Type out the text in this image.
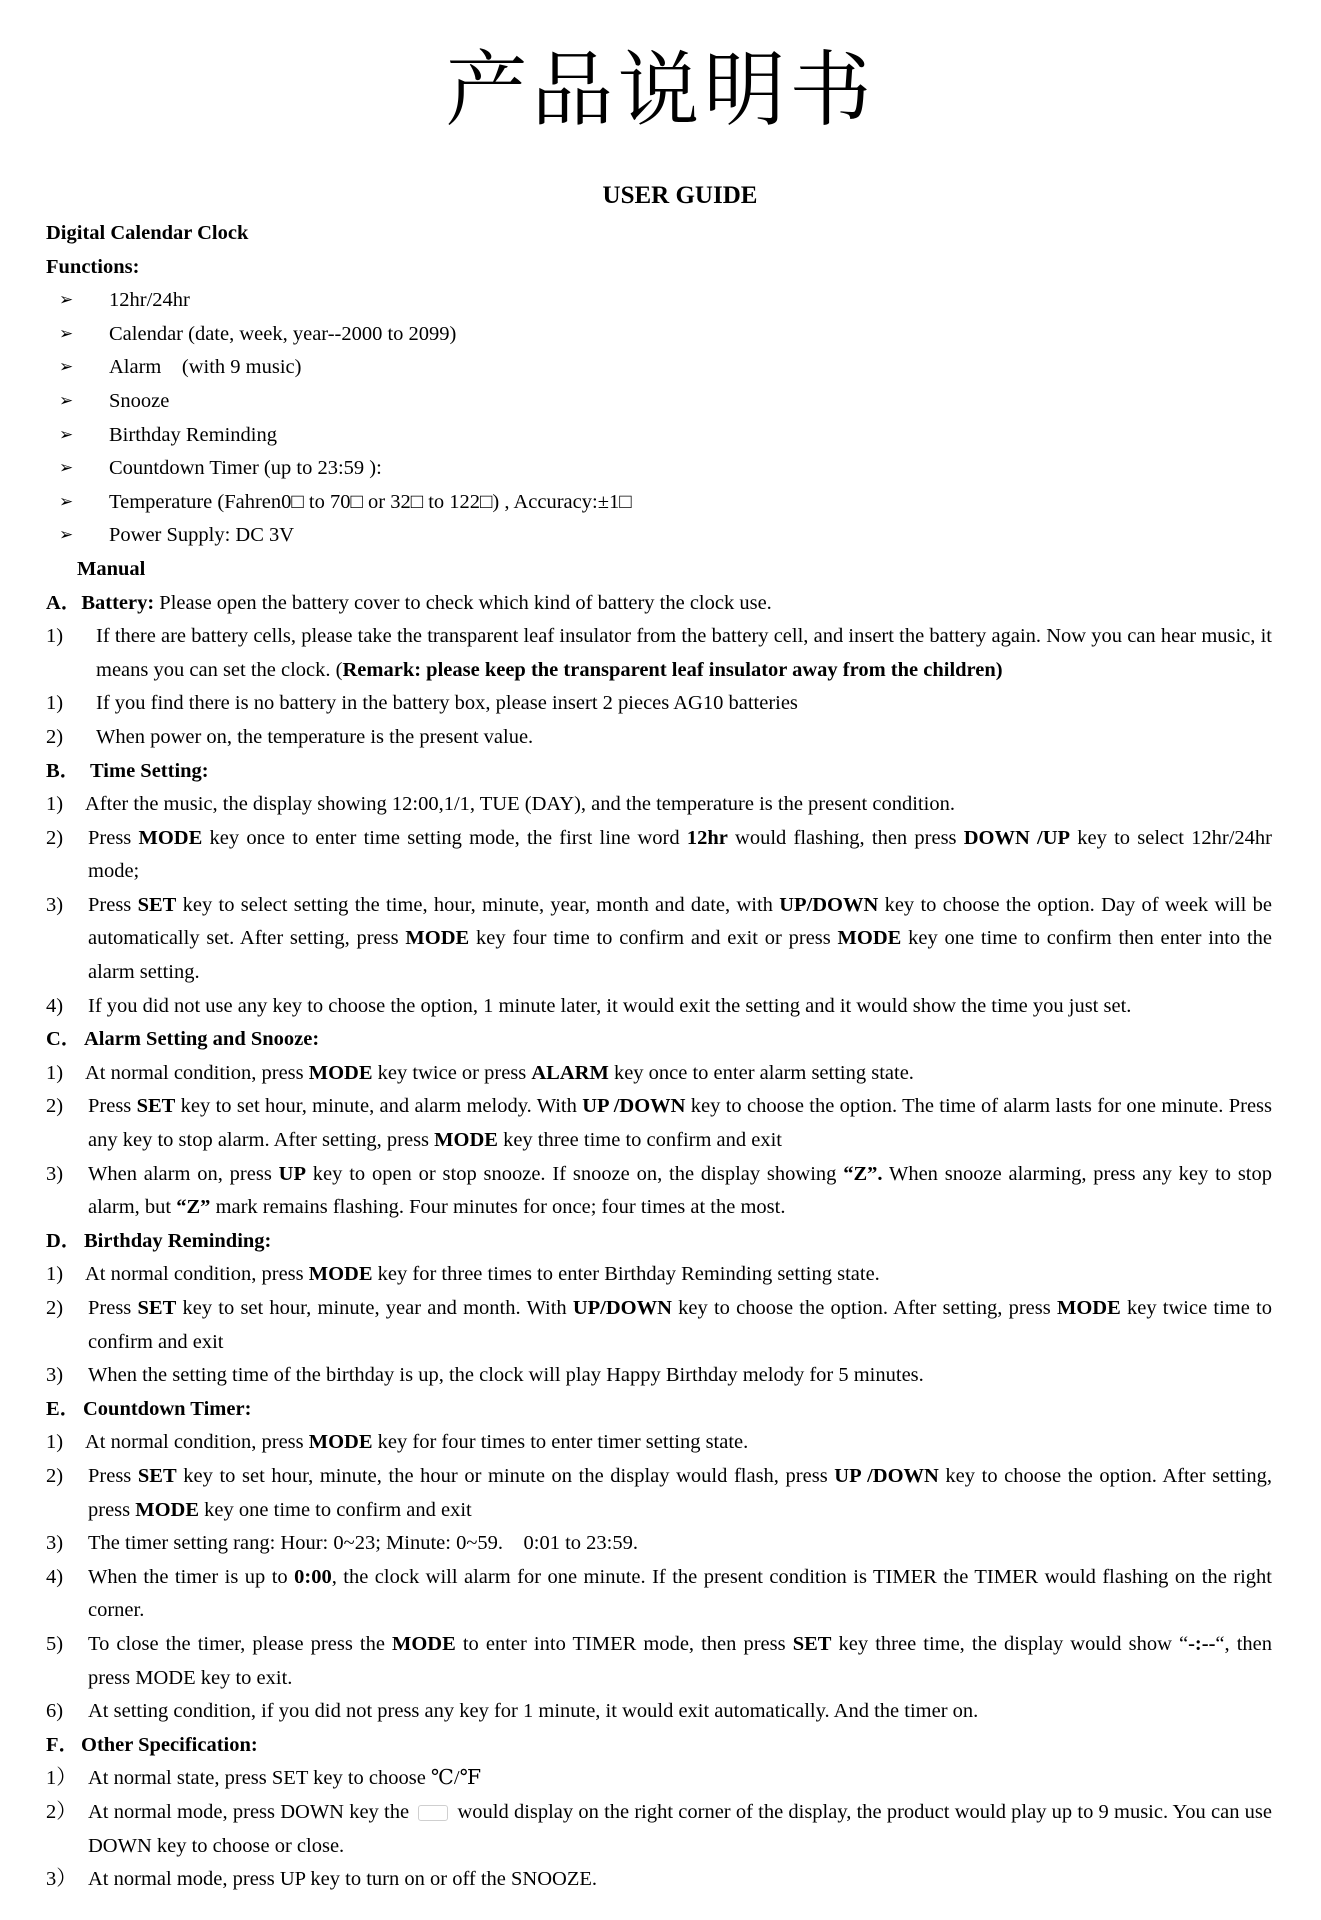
产品说明书
USER GUIDE
Digital Calendar Clock
Functions:
➢	12hr/24hr
➢	Calendar (date, week, year--2000 to 2099)
➢	Alarm　(with 9 music)
➢	Snooze
➢	Birthday Reminding
➢	Countdown Timer (up to 23:59 ):
➢	Temperature (Fahren0□ to 70□ or 32□ to 122□) , Accuracy:±1□
➢	Power Supply: DC 3V
Manual
A．Battery: Please open the battery cover to check which kind of battery the clock use.
1)	If there are battery cells, please take the transparent leaf insulator from the battery cell, and insert the battery again. Now you can hear music, it means you can set the clock. (Remark: please keep the transparent leaf insulator away from the children)
1)	If you find there is no battery in the battery box, please insert 2 pieces AG10 batteries
2)	When power on, the temperature is the present value.
B． Time Setting:
1)	After the music, the display showing 12:00,1/1, TUE (DAY), and the temperature is the present condition.
2)	Press MODE key once to enter time setting mode, the first line word 12hr would flashing, then press DOWN /UP key to select 12hr/24hr mode;
3)	Press SET key to select setting the time, hour, minute, year, month and date, with UP/DOWN key to choose the option. Day of week will be automatically set. After setting, press MODE key four time to confirm and exit or press MODE key one time to confirm then enter into the alarm setting.
4)	If you did not use any key to choose the option, 1 minute later, it would exit the setting and it would show the time you just set.
C． Alarm Setting and Snooze:
1)	At normal condition, press MODE key twice or press ALARM key once to enter alarm setting state.
2)	Press SET key to set hour, minute, and alarm melody. With UP /DOWN key to choose the option. The time of alarm lasts for one minute. Press any key to stop alarm. After setting, press MODE key three time to confirm and exit
3)	When alarm on, press UP key to open or stop snooze. If snooze on, the display showing “Z”. When snooze alarming, press any key to stop alarm, but “Z” mark remains flashing. Four minutes for once; four times at the most.
D． Birthday Reminding:
1)	At normal condition, press MODE key for three times to enter Birthday Reminding setting state.
2)	Press SET key to set hour, minute, year and month. With UP/DOWN key to choose the option. After setting, press MODE key twice time to confirm and exit
3)	When the setting time of the birthday is up, the clock will play Happy Birthday melody for 5 minutes.
E． Countdown Timer:
1)	At normal condition, press MODE key for four times to enter timer setting state.
2)	Press SET key to set hour, minute, the hour or minute on the display would flash, press UP /DOWN key to choose the option. After setting, press MODE key one time to confirm and exit
3)	The timer setting rang: Hour: 0~23; Minute: 0~59.　0:01 to 23:59.
4)	When the timer is up to 0:00, the clock will alarm for one minute. If the present condition is TIMER the TIMER would flashing on the right corner.
5)	To close the timer, please press the MODE to enter into TIMER mode, then press SET key three time, the display would show “-:--“, then press MODE key to exit.
6)	At setting condition, if you did not press any key for 1 minute, it would exit automatically. And the timer on.
F． Other Specification:
1） At normal state, press SET key to choose ℃/℉
2） At normal mode, press DOWN key the  would display on the right corner of the display, the product would play up to 9 music. You can use DOWN key to choose or close.
3） At normal mode, press UP key to turn on or off the SNOOZE.
